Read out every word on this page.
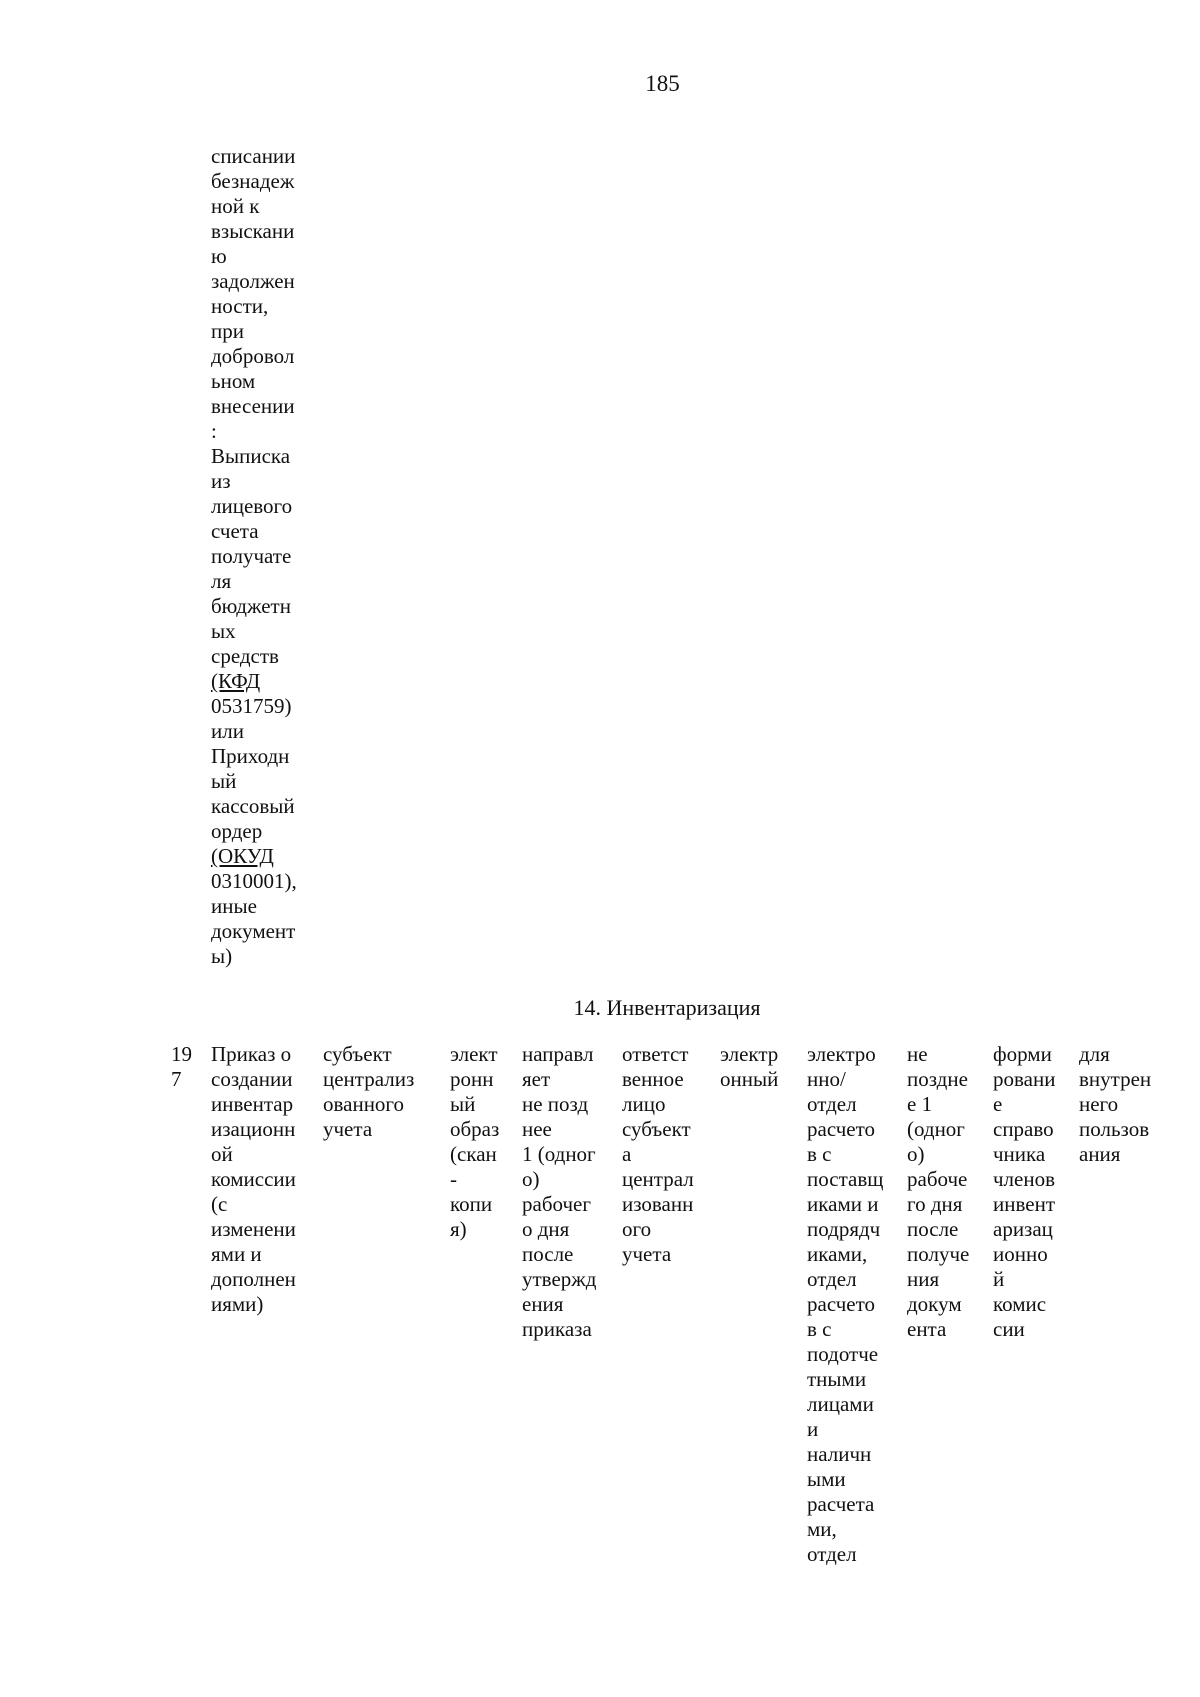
185
списании
безнадеж
ной к
взыскани
ю
задолжен
ности,
при
добровол
ьном
внесении
:
Выписка
из
лицевого
счета
получате
ля
бюджетн
ых
средств
(КФД
0531759)
или
Приходн
ый
кассовый
ордер
(ОКУД
0310001),
иные
документ
ы)
14. Инвентаризация
19
7
Приказ о
создании
инвентар
изационн
ой
комиссии
(с
изменени
ями и
дополнен
иями)
субъект
централиз
ованного
учета
элект
ронн
ый
образ
(скан
-
копи
я)
направл
яет
не позд
нее
1 (одног
о)
рабочег
о дня
после
утвержд
ения
приказа
ответст
венное
лицо
субъект
а
централ
изованн
ого
учета
электр
онный
электро
нно/
отдел
расчето
в с
поставщ
иками и
подрядч
иками,
отдел
расчето
в с
подотче
тными
лицами
и
наличн
ыми
расчета
ми,
отдел
не
поздне
е 1
(одног
о)
рабоче
го дня
после
получе
ния
докум
ента
форми
ровани
е
справо
чника
членов
инвент
аризац
ионно
й
комис
сии
для
внутрен
него
пользов
ания
